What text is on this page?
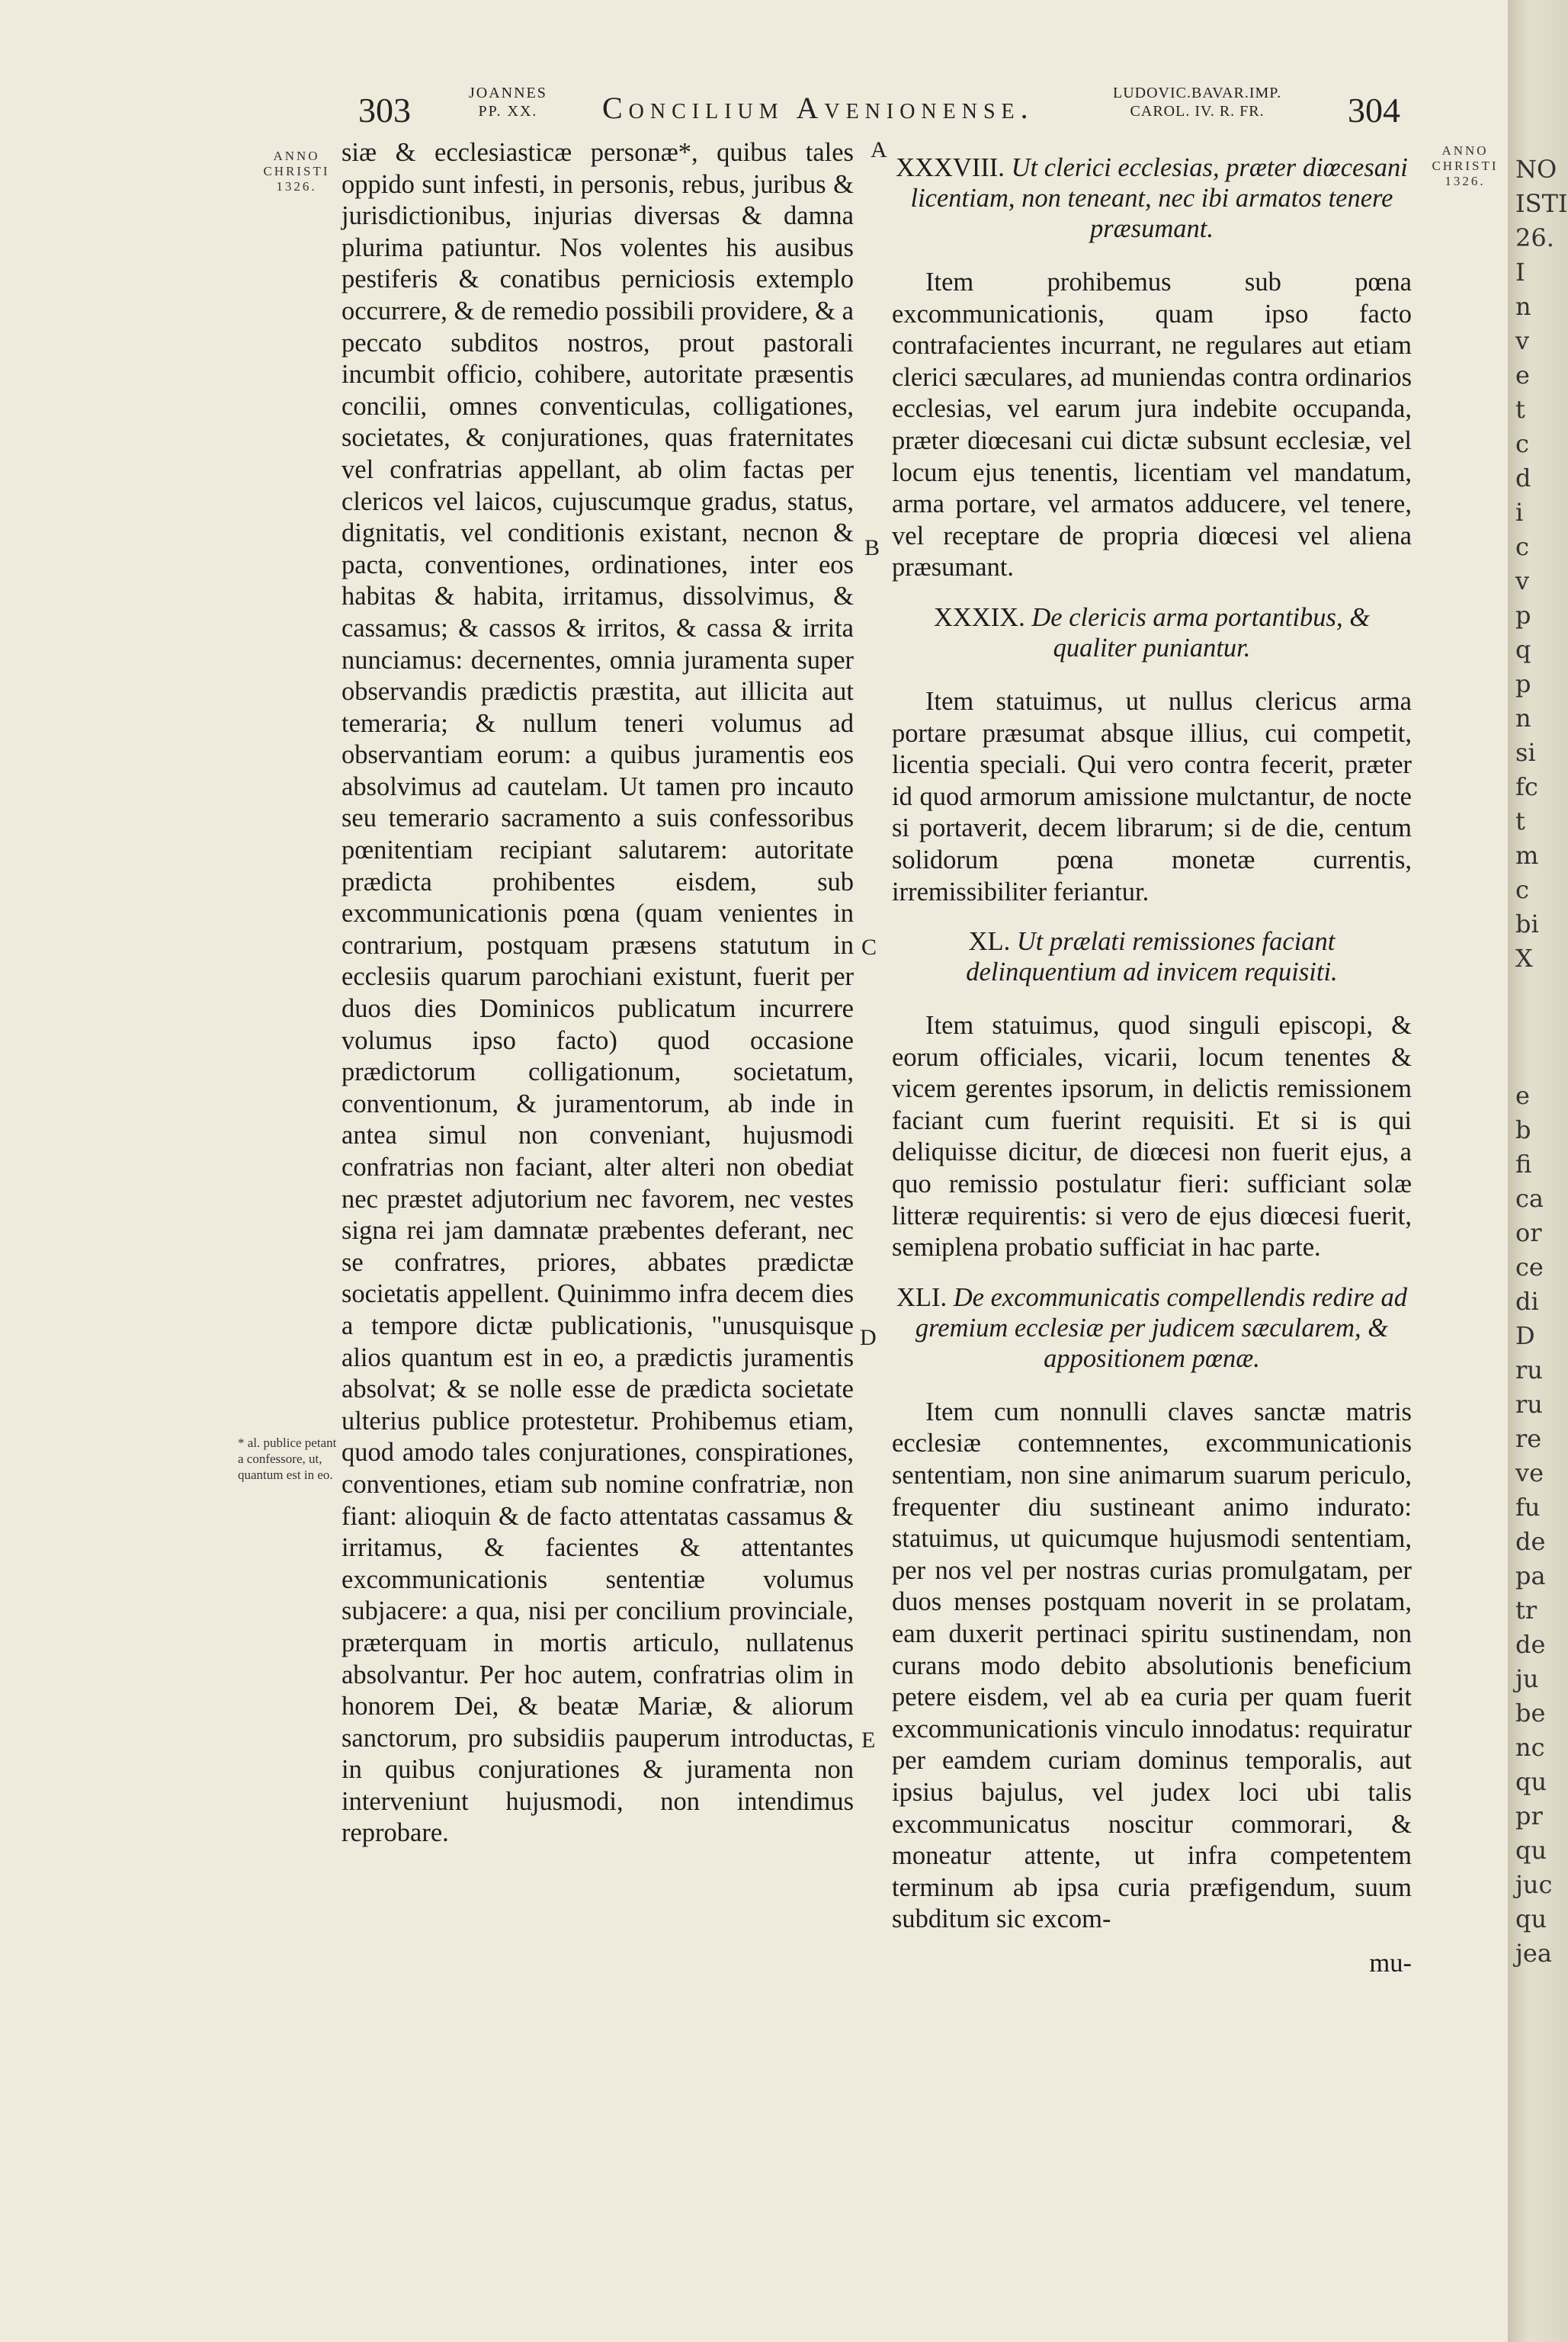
303	JOANNES
PP. XX.	Concilium Avenionense.	LUDOVIC.BAVAR.IMP.
CAROL. IV. R. FR.	304
ANNO
CHRISTI
1326.
ANNO
CHRISTI
1326.
* al. publice petant a confessore, ut, quantum est in eo.
A
B
C
D
E
siæ & ecclesiasticæ personæ*, quibus tales oppido sunt infesti, in personis, rebus, juribus & jurisdictionibus, injurias diversas & damna plurima patiuntur. Nos volentes his ausibus pestiferis & conatibus perniciosis extemplo occurrere, & de remedio possibili providere, & a peccato subditos nostros, prout pastorali incumbit officio, cohibere, autoritate præsentis concilii, omnes conventiculas, colligationes, societates, & conjurationes, quas fraternitates vel confratrias appellant, ab olim factas per clericos vel laicos, cujuscumque gradus, status, dignitatis, vel conditionis existant, necnon & pacta, conventiones, ordinationes, inter eos habitas & habita, irritamus, dissolvimus, & cassamus; & cassos & irritos, & cassa & irrita nunciamus: decernentes, omnia juramenta super observandis prædictis præstita, aut illicita aut temeraria; & nullum teneri volumus ad observantiam eorum: a quibus juramentis eos absolvimus ad cautelam. Ut tamen pro incauto seu temerario sacramento a suis confessoribus pœnitentiam recipiant salutarem: autoritate prædicta prohibentes eisdem, sub excommunicationis pœna (quam venientes in contrarium, postquam præsens statutum in ecclesiis quarum parochiani existunt, fuerit per duos dies Dominicos publicatum incurrere volumus ipso facto) quod occasione prædictorum colligationum, societatum, conventionum, & juramentorum, ab inde in antea simul non conveniant, hujusmodi confratrias non faciant, alter alteri non obediat nec præstet adjutorium nec favorem, nec vestes signa rei jam damnatæ præbentes deferant, nec se confratres, priores, abbates prædictæ societatis appellent. Quinimmo infra decem dies a tempore dictæ publicationis, "unusquisque alios quantum est in eo, a prædictis juramentis absolvat; & se nolle esse de prædicta societate ulterius publice protestetur. Prohibemus etiam, quod amodo tales conjurationes, conspirationes, conventiones, etiam sub nomine confratriæ, non fiant: alioquin & de facto attentatas cassamus & irritamus, & facientes & attentantes excommunicationis sententiæ volumus subjacere: a qua, nisi per concilium provinciale, præterquam in mortis articulo, nullatenus absolvantur. Per hoc autem, confratrias olim in honorem Dei, & beatæ Mariæ, & aliorum sanctorum, pro subsidiis pauperum introductas, in quibus conjurationes & juramenta non interveniunt hujusmodi, non intendimus reprobare.
XXXVIII. Ut clerici ecclesias, præter diœcesani licentiam, non teneant, nec ibi armatos tenere præsumant.
Item prohibemus sub pœna excommunicationis, quam ipso facto contrafacientes incurrant, ne regulares aut etiam clerici sæculares, ad muniendas contra ordinarios ecclesias, vel earum jura indebite occupanda, præter diœcesani cui dictæ subsunt ecclesiæ, vel locum ejus tenentis, licentiam vel mandatum, arma portare, vel armatos adducere, vel tenere, vel receptare de propria diœcesi vel aliena præsumant.
XXXIX. De clericis arma portantibus, & qualiter puniantur.
Item statuimus, ut nullus clericus arma portare præsumat absque illius, cui competit, licentia speciali. Qui vero contra fecerit, præter id quod armorum amissione mulctantur, de nocte si portaverit, decem librarum; si de die, centum solidorum pœna monetæ currentis, irremissibiliter feriantur.
XL. Ut prælati remissiones faciant delinquentium ad invicem requisiti.
Item statuimus, quod singuli episcopi, & eorum officiales, vicarii, locum tenentes & vicem gerentes ipsorum, in delictis remissionem faciant cum fuerint requisiti. Et si is qui deliquisse dicitur, de diœcesi non fuerit ejus, a quo remissio postulatur fieri: sufficiant solæ litteræ requirentis: si vero de ejus diœcesi fuerit, semiplena probatio sufficiat in hac parte.
XLI. De excommunicatis compellendis redire ad gremium ecclesiæ per judicem sæcularem, & appositionem pœnæ.
Item cum nonnulli claves sanctæ matris ecclesiæ contemnentes, excommunicationis sententiam, non sine animarum suarum periculo, frequenter diu sustineant animo indurato: statuimus, ut quicumque hujusmodi sententiam, per nos vel per nostras curias promulgatam, per duos menses postquam noverit in se prolatam, eam duxerit pertinaci spiritu sustinendam, non curans modo debito absolutionis beneficium petere eisdem, vel ab ea curia per quam fuerit excommunicationis vinculo innodatus: requiratur per eamdem curiam dominus temporalis, aut ipsius bajulus, vel judex loci ubi talis excommunicatus noscitur commorari, & moneatur attente, ut infra competentem terminum ab ipsa curia præfigendum, suum subditum sic excom-
mu-
NO
ISTI
26.
I
n
v
e
t
c
d
i
c
v
p
q
p
n
si
fc
t
m
c
bi
X

e
b
fi
ca
or
ce
di
D
ru
ru
re
ve
fu
de
pa
tr
de
ju
be
nc
qu
pr
qu
juc
qu
jea
